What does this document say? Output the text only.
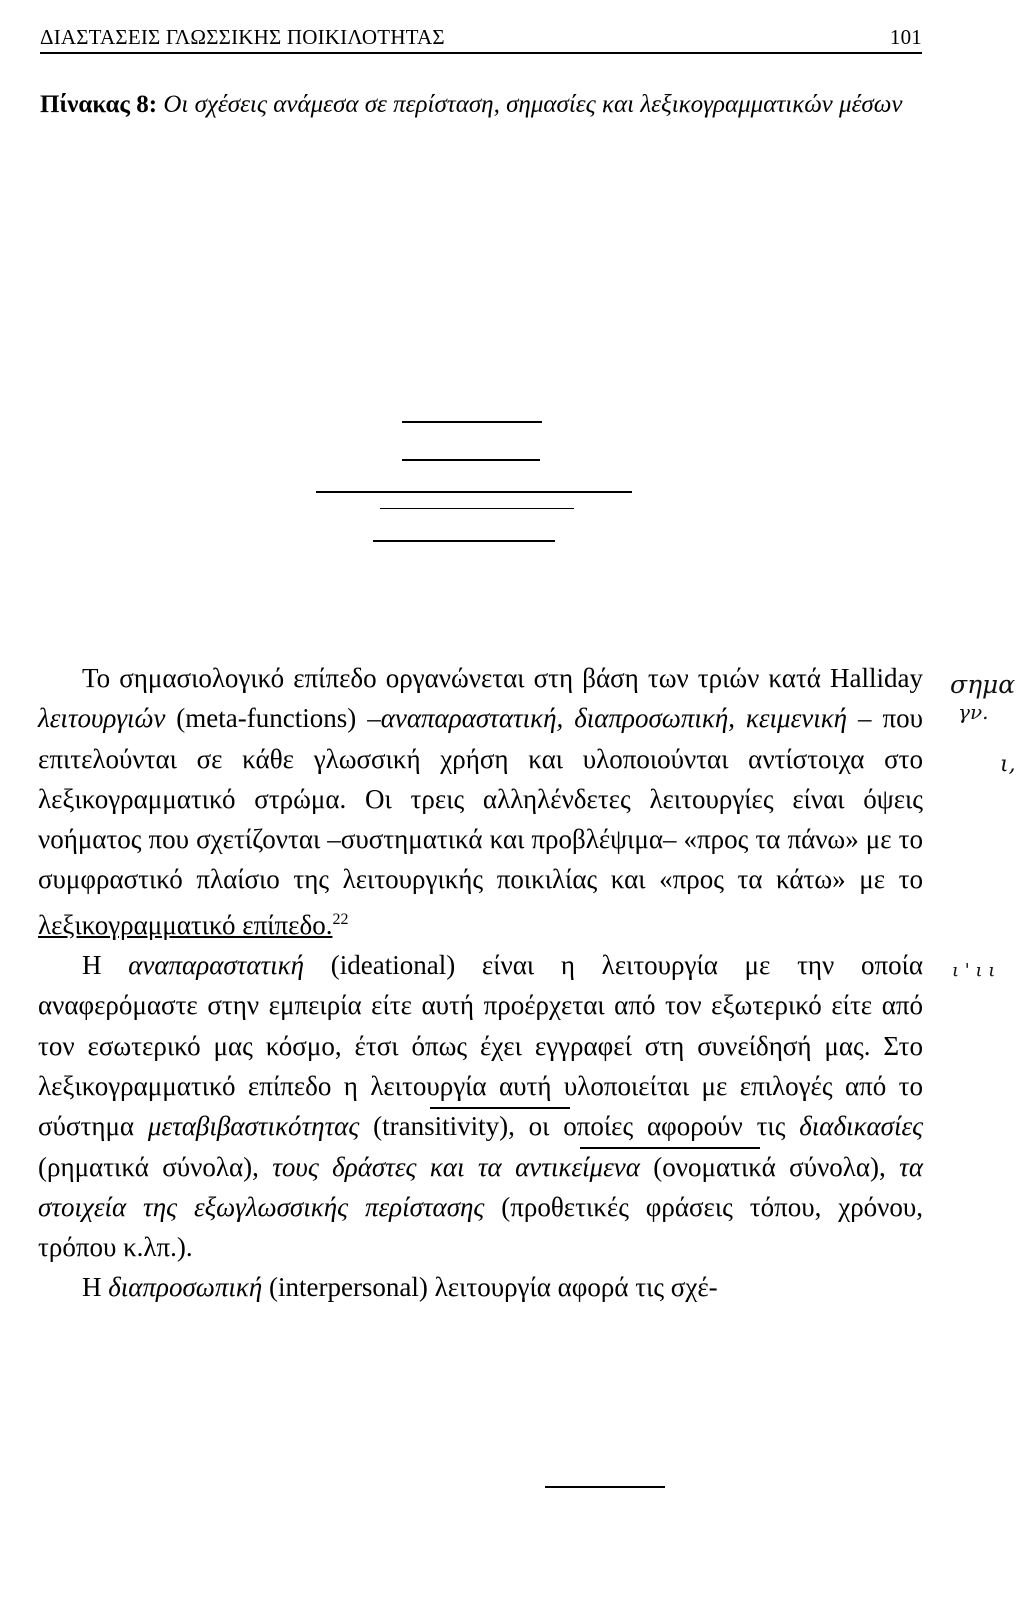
ΔΙΑΣΤΑΣΕΙΣ ΓΛΩΣΣΙΚΗΣ ΠΟΙΚΙΛΟΤΗΤΑΣ	101
Πίνακας 8: Οι σχέσεις ανάμεσα σε περίσταση, σημασίες και λεξικογραμματικών μέσων

Το σημασιολογικό επίπεδο οργανώνεται στη βάση των τριών κατά Halliday λειτουργιών (meta-functions) –αναπαραστατική, διαπροσωπική, κειμενική – που επιτελούνται σε κάθε γλωσσική χρήση και υλοποιούνται αντίστοιχα στο λεξικογραμματικό στρώμα. Οι τρεις αλληλένδετες λειτουργίες είναι όψεις νοήματος που σχετίζονται –συστηματικά και προβλέψιμα– «προς τα πάνω» με το συμφραστικό πλαίσιο της λειτουργικής ποικιλίας και «προς τα κάτω» με το λεξικογραμματικό επίπεδο.$^{22}$

Η αναπαραστατική (ideational) είναι η λειτουργία με την οποία αναφερόμαστε στην εμπειρία είτε αυτή προέρχεται από τον εξωτερικό είτε από τον εσωτερικό μας κόσμο, έτσι όπως έχει εγγραφεί στη συνείδησή μας. Στο λεξικογραμματικό επίπεδο η λειτουργία αυτή υλοποιείται με επιλογές από το σύστημα μεταβιβαστικότητας (transitivity), οι οποίες αφορούν τις διαδικασίες (ρηματικά σύνολα), τους δράστες και τα αντικείμενα (ονοματικά σύνολα), τα στοιχεία της εξωγλωσσικής περίστασης (προθετικές φράσεις τόπου, χρόνου, τρόπου κ.λπ.).

Η διαπροσωπική (interpersonal) λειτουργία αφορά τις σχέ-

σημα
γν.
ι,
ι ' ι ι
